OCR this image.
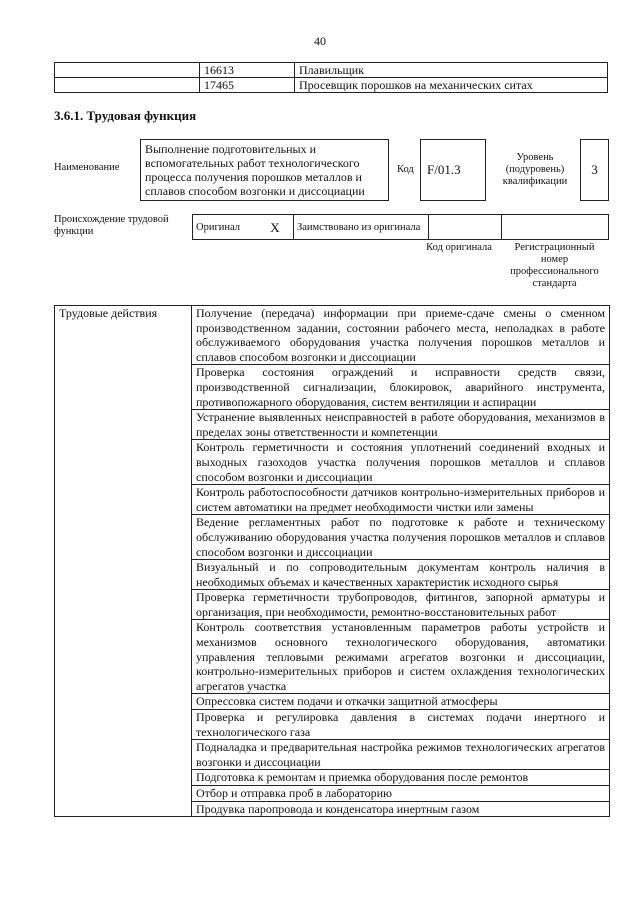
40
	16613	Плавильщик
	17465	Просевщик порошков на механических ситах
3.6.1. Трудовая функция
Наименование
Выполнение подготовительных и вспомогательных работ технологического процесса получения порошков металлов и сплавов способом возгонки и диссоциации
Код	F/01.3
Уровень (подуровень) квалификации
3
Происхождение трудовой функции	Оригинал	X	Заимствовано из оригинала		
Код оригинала	Регистрационный номер профессионального стандарта
Трудовые действия	Получение (передача) информации при приеме-сдаче смены о сменном производственном задании, состоянии рабочего места, неполадках в работе обслуживаемого оборудования участка получения порошков металлов и сплавов способом возгонки и диссоциации
Проверка состояния ограждений и исправности средств связи, производственной сигнализации, блокировок, аварийного инструмента, противопожарного оборудования, систем вентиляции и аспирации
Устранение выявленных неисправностей в работе оборудования, механизмов в пределах зоны ответственности и компетенции
Контроль герметичности и состояния уплотнений соединений входных и выходных газоходов участка получения порошков металлов и сплавов способом возгонки и диссоциации
Контроль работоспособности датчиков контрольно-измерительных приборов и систем автоматики на предмет необходимости чистки или замены
Ведение регламентных работ по подготовке к работе и техническому обслуживанию оборудования участка получения порошков металлов и сплавов способом возгонки и диссоциации
Визуальный и по сопроводительным документам контроль наличия в необходимых объемах и качественных характеристик исходного сырья
Проверка герметичности трубопроводов, фитингов, запорной арматуры и организация, при необходимости, ремонтно-восстановительных работ
Контроль соответствия установленным параметров работы устройств и механизмов основного технологического оборудования, автоматики управления тепловыми режимами агрегатов возгонки и диссоциации, контрольно-измерительных приборов и систем охлаждения технологических агрегатов участка
Опрессовка систем подачи и откачки защитной атмосферы
Проверка и регулировка давления в системах подачи инертного и технологического газа
Подналадка и предварительная настройка режимов технологических агрегатов возгонки и диссоциации
Подготовка к ремонтам и приемка оборудования после ремонтов
Отбор и отправка проб в лабораторию
Продувка паропровода и конденсатора инертным газом
